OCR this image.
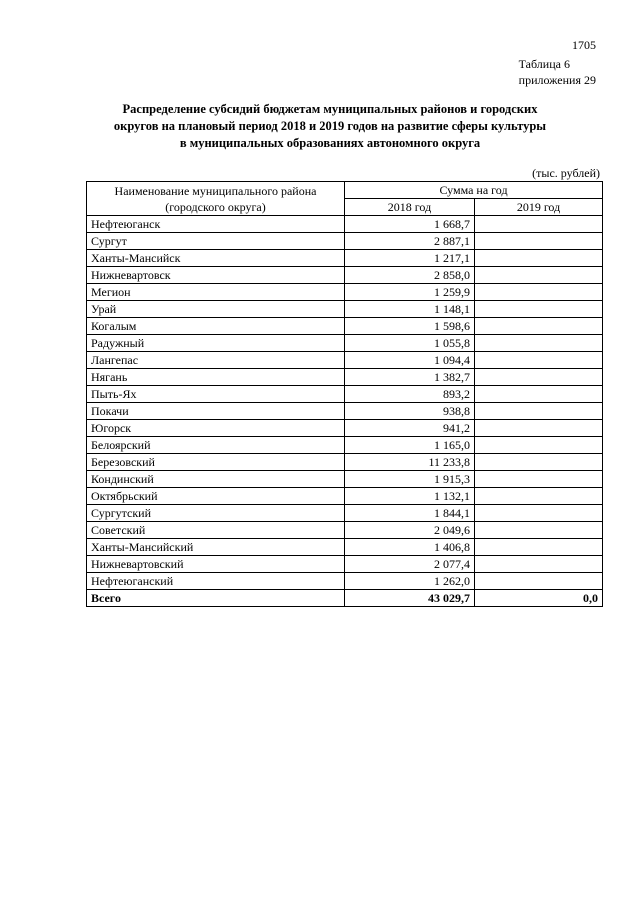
1705
Таблица 6
приложения 29
Распределение субсидий бюджетам муниципальных районов и городских
округов на плановый период 2018 и 2019 годов на развитие сферы культуры
в муниципальных образованиях автономного округа
(тыс. рублей)
Наименование муниципального района
(городского округа)	Сумма на год	
	2018 год	2019 год
Нефтеюганск	1 668,7	
Сургут	2 887,1	
Ханты-Мансийск	1 217,1	
Нижневартовск	2 858,0	
Мегион	1 259,9	
Урай	1 148,1	
Когалым	1 598,6	
Радужный	1 055,8	
Лангепас	1 094,4	
Нягань	1 382,7	
Пыть-Ях	893,2	
Покачи	938,8	
Югорск	941,2	
Белоярский	1 165,0	
Березовский	11 233,8	
Кондинский	1 915,3	
Октябрьский	1 132,1	
Сургутский	1 844,1	
Советский	2 049,6	
Ханты-Мансийский	1 406,8	
Нижневартовский	2 077,4	
Нефтеюганский	1 262,0	
Всего	43 029,7	0,0
